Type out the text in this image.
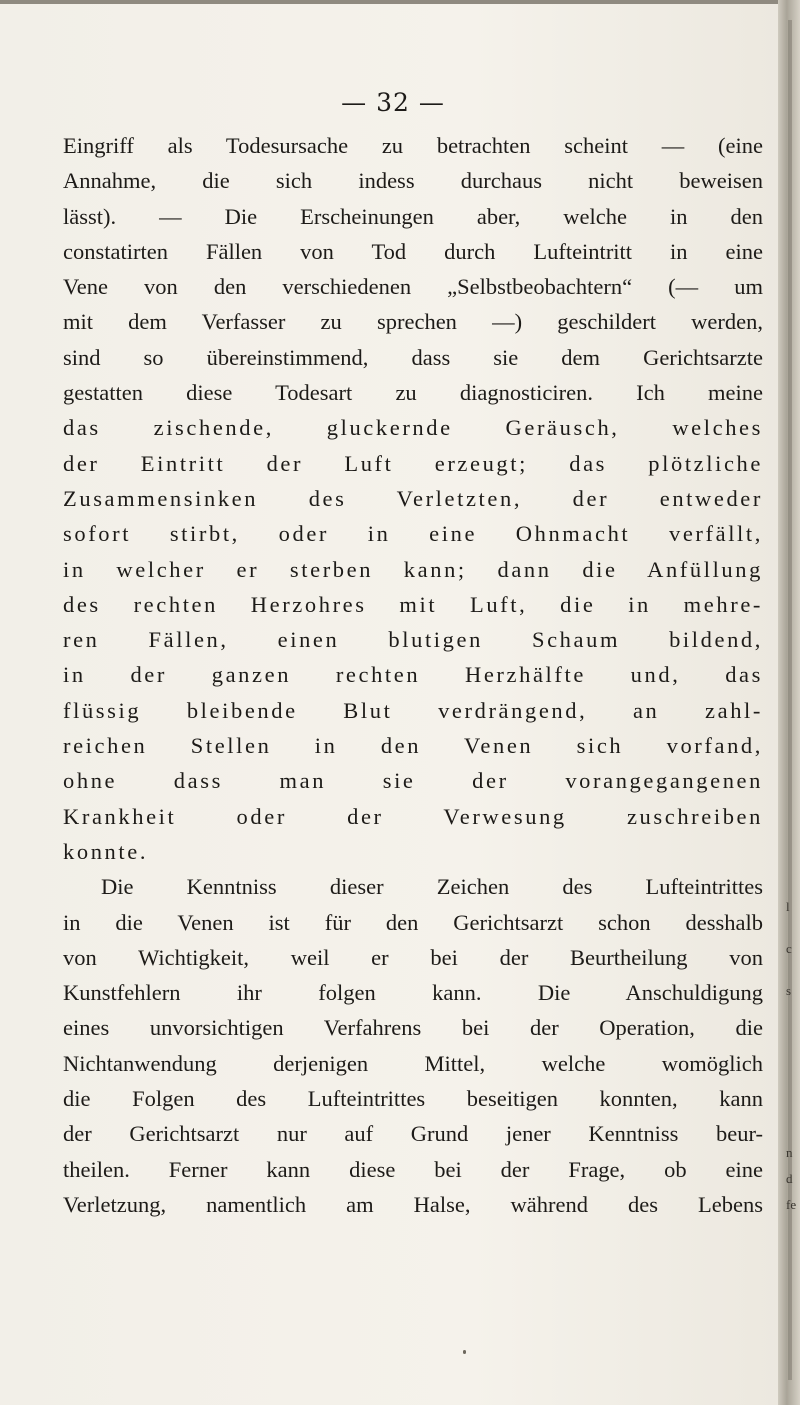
l
c
s
n
d
fe
— 32 —
Eingriff als Todesursache zu betrachten scheint — (eine
Annahme, die sich indess durchaus nicht beweisen
lässt). — Die Erscheinungen aber, welche in den
constatirten Fällen von Tod durch Lufteintritt in eine
Vene von den verschiedenen „Selbstbeobachtern“ (— um
mit dem Verfasser zu sprechen —) geschildert werden,
sind so übereinstimmend, dass sie dem Gerichtsarzte
gestatten diese Todesart zu diagnosticiren. Ich meine
das zischende, gluckernde Geräusch, welches
der Eintritt der Luft erzeugt; das plötzliche
Zusammensinken des Verletzten, der entweder
sofort stirbt, oder in eine Ohnmacht verfällt,
in welcher er sterben kann; dann die Anfüllung
des rechten Herzohres mit Luft, die in mehre-
ren Fällen, einen blutigen Schaum bildend,
in der ganzen rechten Herzhälfte und, das
flüssig bleibende Blut verdrängend, an zahl-
reichen Stellen in den Venen sich vorfand,
ohne dass man sie der vorangegangenen
Krankheit oder der Verwesung zuschreiben
konnte.
Die Kenntniss dieser Zeichen des Lufteintrittes
in die Venen ist für den Gerichtsarzt schon desshalb
von Wichtigkeit, weil er bei der Beurtheilung von
Kunstfehlern ihr folgen kann. Die Anschuldigung
eines unvorsichtigen Verfahrens bei der Operation, die
Nichtanwendung derjenigen Mittel, welche womöglich
die Folgen des Lufteintrittes beseitigen konnten, kann
der Gerichtsarzt nur auf Grund jener Kenntniss beur-
theilen. Ferner kann diese bei der Frage, ob eine
Verletzung, namentlich am Halse, während des Lebens
